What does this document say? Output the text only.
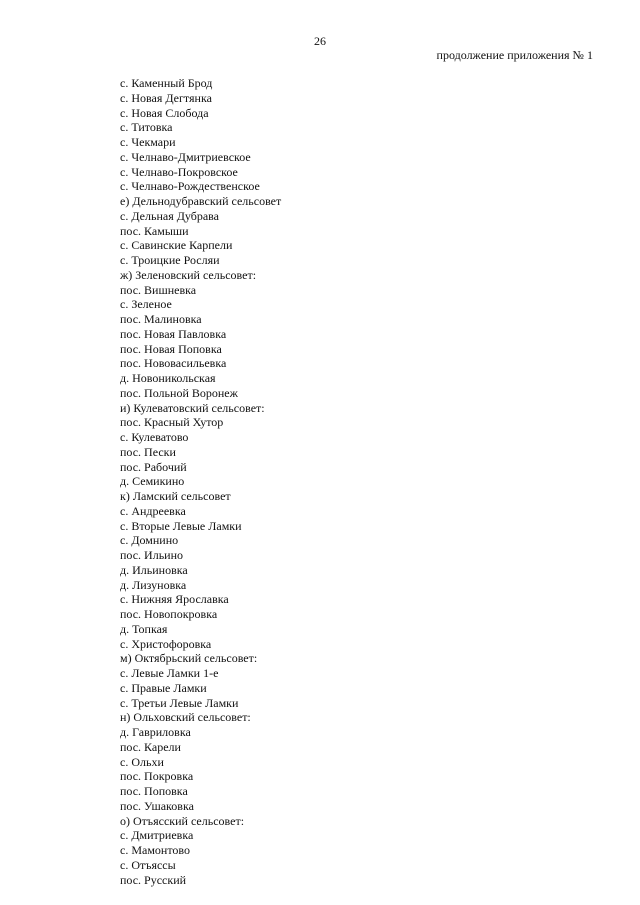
26
продолжение приложения № 1
с. Каменный Брод
с. Новая Дегтянка
с. Новая Слобода
с. Титовка
с. Чекмари
с. Челнаво-Дмитриевское
с. Челнаво-Покровское
с. Челнаво-Рождественское
е) Дельнодубравский сельсовет
с. Дельная Дубрава
пос. Камыши
с. Савинские Карпели
с. Троицкие Росляи
ж) Зеленовский сельсовет:
пос. Вишневка
с. Зеленое
пос. Малиновка
пос. Новая Павловка
пос. Новая Поповка
пос. Нововасильевка
д. Новоникольская
пос. Польной Воронеж
и) Кулеватовский сельсовет:
пос. Красный Хутор
с. Кулеватово
пос. Пески
пос. Рабочий
д. Семикино
к) Ламский сельсовет
с. Андреевка
с. Вторые Левые Ламки
с. Домнино
пос. Ильино
д. Ильиновка
д. Лизуновка
с. Нижняя Ярославка
пос. Новопокровка
д. Топкая
с. Христофоровка
м) Октябрьский сельсовет:
с. Левые Ламки 1-е
с. Правые Ламки
с. Третьи Левые Ламки
н) Ольховский сельсовет:
д. Гавриловка
пос. Карели
с. Ольхи
пос. Покровка
пос. Поповка
пос. Ушаковка
о) Отъясский сельсовет:
с. Дмитриевка
с. Мамонтово
с. Отъяссы
пос. Русский
